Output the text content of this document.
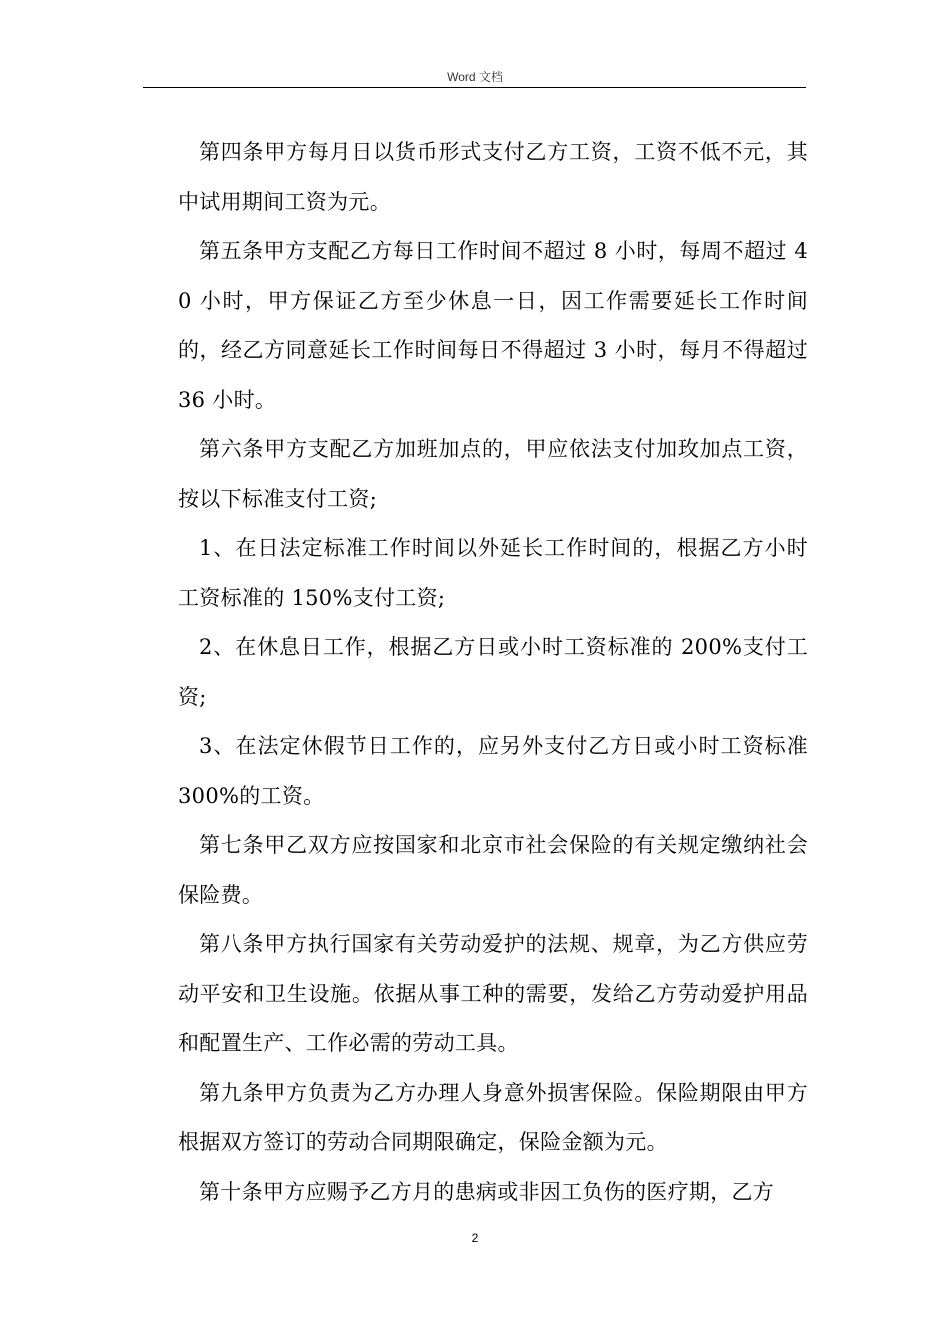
Word 文档

第四条甲方每月日以货币形式支付乙方工资，工资不低不元，其中试用期间工资为元。

第五条甲方支配乙方每日工作时间不超过 8 小时，每周不超过 40 小时，甲方保证乙方至少休息一日，因工作需要延长工作时间的，经乙方同意延长工作时间每日不得超过 3 小时，每月不得超过 36 小时。

第六条甲方支配乙方加班加点的，甲应依法支付加玫加点工资，按以下标准支付工资;

1、在日法定标准工作时间以外延长工作时间的，根据乙方小时工资标准的 150%支付工资;

2、在休息日工作，根据乙方日或小时工资标准的 200%支付工资;

3、在法定休假节日工作的，应另外支付乙方日或小时工资标准 300%的工资。

第七条甲乙双方应按国家和北京市社会保险的有关规定缴纳社会保险费。

第八条甲方执行国家有关劳动爱护的法规、规章，为乙方供应劳动平安和卫生设施。依据从事工种的需要，发给乙方劳动爱护用品和配置生产、工作必需的劳动工具。

第九条甲方负责为乙方办理人身意外损害保险。保险期限由甲方根据双方签订的劳动合同期限确定，保险金额为元。

第十条甲方应赐予乙方月的患病或非因工负伤的医疗期，乙方

2
